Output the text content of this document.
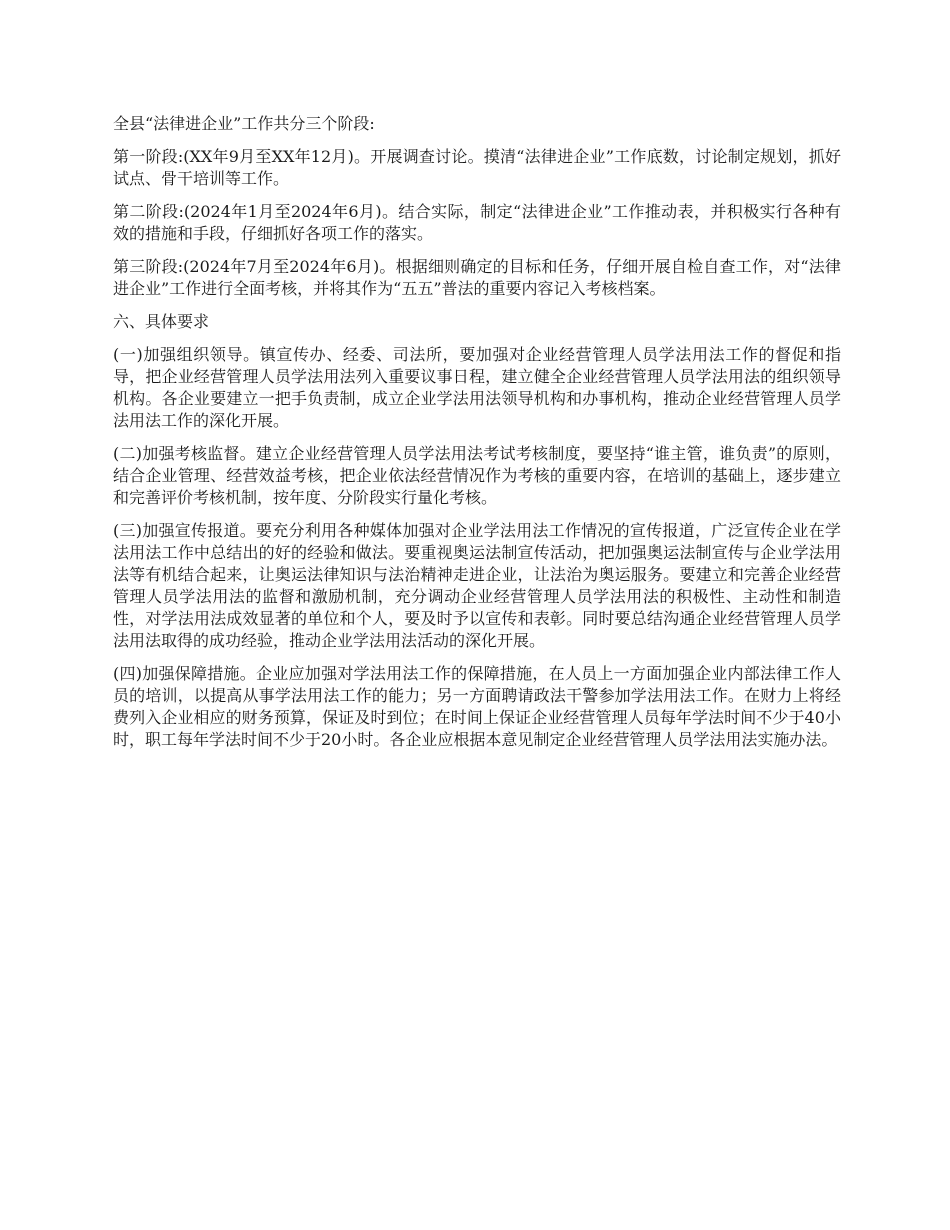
全县“法律进企业”工作共分三个阶段:

第一阶段:(XX年9月至XX年12月)。开展调查讨论。摸清“法律进企业”工作底数，讨论制定规划，抓好试点、骨干培训等工作。

第二阶段:(2024年1月至2024年6月)。结合实际，制定“法律进企业”工作推动表，并积极实行各种有效的措施和手段，仔细抓好各项工作的落实。

第三阶段:(2024年7月至2024年6月)。根据细则确定的目标和任务，仔细开展自检自查工作，对“法律进企业”工作进行全面考核，并将其作为“五五”普法的重要内容记入考核档案。

六、具体要求

(一)加强组织领导。镇宣传办、经委、司法所，要加强对企业经营管理人员学法用法工作的督促和指导，把企业经营管理人员学法用法列入重要议事日程，建立健全企业经营管理人员学法用法的组织领导机构。各企业要建立一把手负责制，成立企业学法用法领导机构和办事机构，推动企业经营管理人员学法用法工作的深化开展。

(二)加强考核监督。建立企业经营管理人员学法用法考试考核制度，要坚持“谁主管，谁负责”的原则，结合企业管理、经营效益考核，把企业依法经营情况作为考核的重要内容，在培训的基础上，逐步建立和完善评价考核机制，按年度、分阶段实行量化考核。

(三)加强宣传报道。要充分利用各种媒体加强对企业学法用法工作情况的宣传报道，广泛宣传企业在学法用法工作中总结出的好的经验和做法。要重视奥运法制宣传活动，把加强奥运法制宣传与企业学法用法等有机结合起来，让奥运法律知识与法治精神走进企业，让法治为奥运服务。要建立和完善企业经营管理人员学法用法的监督和激励机制，充分调动企业经营管理人员学法用法的积极性、主动性和制造性，对学法用法成效显著的单位和个人，要及时予以宣传和表彰。同时要总结沟通企业经营管理人员学法用法取得的成功经验，推动企业学法用法活动的深化开展。

(四)加强保障措施。企业应加强对学法用法工作的保障措施，在人员上一方面加强企业内部法律工作人员的培训，以提高从事学法用法工作的能力；另一方面聘请政法干警参加学法用法工作。在财力上将经费列入企业相应的财务预算，保证及时到位；在时间上保证企业经营管理人员每年学法时间不少于40小时，职工每年学法时间不少于20小时。各企业应根据本意见制定企业经营管理人员学法用法实施办法。
